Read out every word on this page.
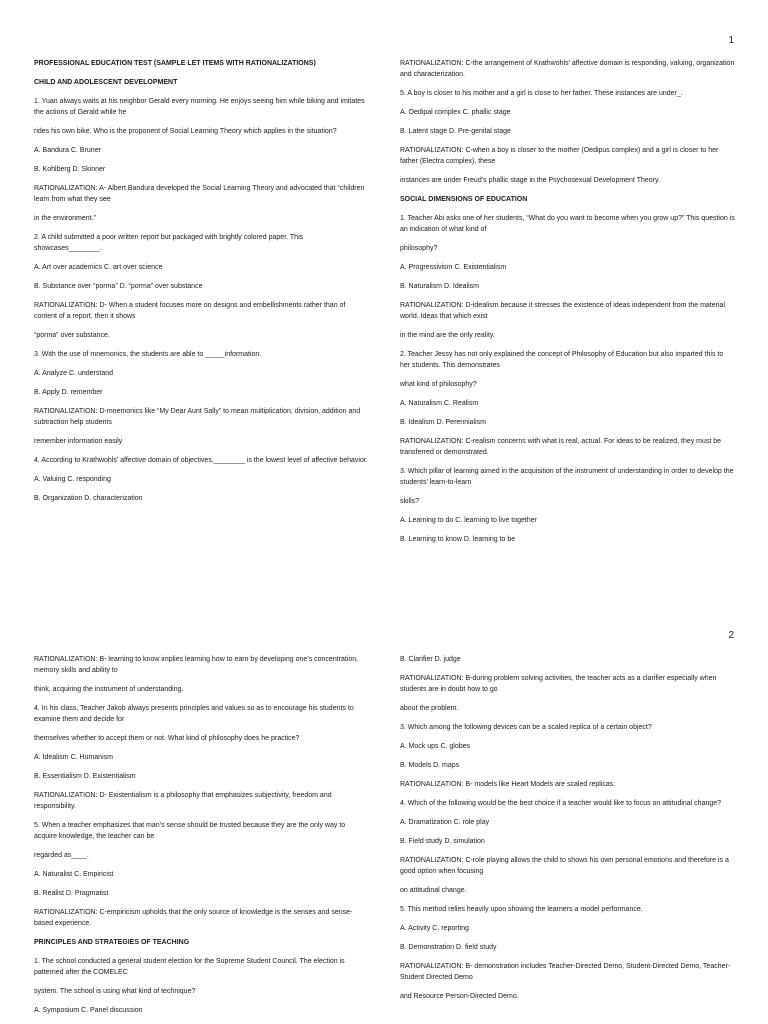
1

PROFESSIONAL EDUCATION TEST (SAMPLE LET ITEMS WITH RATIONALIZATIONS)

CHILD AND ADOLESCENT DEVELOPMENT

1. Yuan always waits at his neighbor Gerald every morning. He enjoys seeing him while biking and imitates the actions of Gerald while he

rides his own bike. Who is the proponent of Social Learning Theory which applies in the situation?

A. Bandura C. Bruner

B. Kohlberg D. Skinner

RATIONALIZATION: A- Albert Bandura developed the Social Learning Theory and advocated that “children learn from what they see

in the environment.”

2. A child submitted a poor written report but packaged with brightly colored paper. This showcases________.

A. Art over academics C. art over science

B. Substance over “porma” D. “porma” over substance

RATIONALIZATION: D- When a student focuses more on designs and embellishments rather than of content of a report, then it shows

“porma” over substance.

3. With the use of mnemonics, the students are able to _____information.

A. Analyze C. understand

B. Apply D. remember

RATIONALIZATION: D-mnemonics like “My Dear Aunt Sally” to mean multiplication, division, addition and subtraction help students

remember information easily

4. According to Krathwohls’ affective domain of objectives,________ is the lowest level of affective behavior.

A. Valuing C. responding

B. Organization D. characterization

RATIONALIZATION: C-the arrangement of Krathwohls’ affective domain is responding, valuing, organization and characterization.

5. A boy is closer to his mother and a girl is close to her father. These instances are under_.

A. Oedipal complex C. phallic stage

B. Latent stage D. Pre-genital stage

RATIONALIZATION: C-when a boy is closer to the mother (Oedipus complex) and a girl is closer to her father (Electra complex), these

instances are under Freud’s phallic stage in the Psychosexual Development Theory.

SOCIAL DIMENSIONS OF EDUCATION

1. Teacher Abi asks one of her students, “What do you want to become when you grow up?” This question is an indication of what kind of

philosophy?

A. Progressivism C. Existentialism

B. Naturalism D. Idealism

RATIONALIZATION: D-idealism because it stresses the existence of ideas independent from the material world. Ideas that which exist

in the mind are the only reality.

2. Teacher Jessy has not only explained the concept of Philosophy of Education but also imparted this to her students. This demonstrates

what kind of philosophy?

A. Naturalism C. Realism

B. Idealism D. Perennialism

RATIONALIZATION: C-realism concerns with what is real, actual. For ideas to be realized, they must be transferred or demonstrated.

3. Which pillar of learning aimed in the acquisition of the instrument of understanding in order to develop the students’ learn-to-learn

skills?

A. Learning to do C. learning to live together

B. Learning to know D. learning to be

2

RATIONALIZATION: B- learning to know implies learning how to earn by developing one’s concentration, memory skills and ability to

think, acquiring the instrument of understanding.

4. In his class, Teacher Jakob always presents principles and values so as to encourage his students to examine them and decide for

themselves whether to accept them or not. What kind of philosophy does he practice?

A. Idealism C. Humanism

B. Essentialism D. Existentialism

RATIONALIZATION: D- Existentialism is a philosophy that emphasizes subjectivity, freedom and responsibility.

5. When a teacher emphasizes that man’s sense should be trusted because they are the only way to acquire knowledge, the teacher can be

regarded as____.

A. Naturalist C. Empiricist

B. Realist D. Pragmatist

RATIONALIZATION: C-empiricism upholds that the only source of knowledge is the senses and sense-based experience.

PRINCIPLES AND STRATEGIES OF TEACHING

1. The school conducted a general student election for the Supreme Student Council. The election is patterned after the COMELEC

system. The school is using what kind of technique?

A. Symposium C. Panel discussion

B. Clarifier D. judge

RATIONALIZATION: B-during problem solving activities, the teacher acts as a clarifier especially when students are in doubt how to go

about the problem.

3. Which among the following devices can be a scaled replica of a certain object?

A. Mock ups C. globes

B. Models D. maps

RATIONALIZATION: B- models like Heart Models are scaled replicas.

4. Which of the following would be the best choice if a teacher would like to focus on attitudinal change?

A. Dramatization C. role play

B. Field study D. simulation

RATIONALIZATION: C-role playing allows the child to shows his own personal emotions and therefore is a good option when focusing

on attitudinal change.

5. This method relies heavily upon showing the learners a model performance.

A. Activity C. reporting

B. Demonstration D. field study

RATIONALIZATION: B- demonstration includes Teacher-Directed Demo, Student-Directed Demo, Teacher-Student Directed Demo

and Resource Person-Directed Demo.
